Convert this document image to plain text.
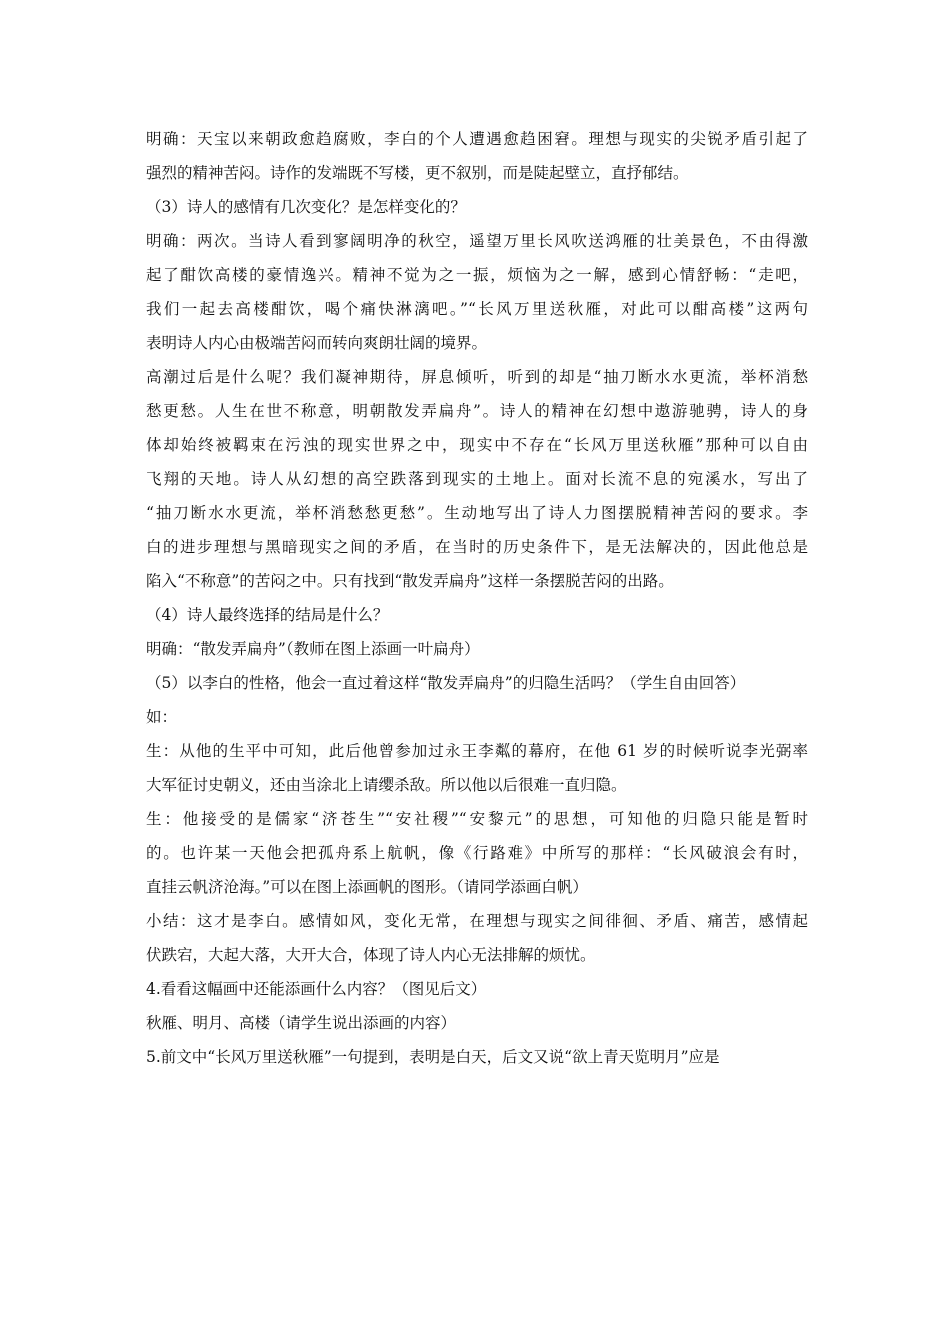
明确：天宝以来朝政愈趋腐败，李白的个人遭遇愈趋困窘。理想与现实的尖锐矛盾引起了
强烈的精神苦闷。诗作的发端既不写楼，更不叙别，而是陡起壁立，直抒郁结。
（3）诗人的感情有几次变化？是怎样变化的？
明确：两次。当诗人看到寥阔明净的秋空，遥望万里长风吹送鸿雁的壮美景色，不由得激
起了酣饮高楼的豪情逸兴。精神不觉为之一振，烦恼为之一解，感到心情舒畅：“走吧，
我们一起去高楼酣饮，喝个痛快淋漓吧。”“长风万里送秋雁，对此可以酣高楼”这两句
表明诗人内心由极端苦闷而转向爽朗壮阔的境界。
高潮过后是什么呢？我们凝神期待，屏息倾听，听到的却是“抽刀断水水更流，举杯消愁
愁更愁。人生在世不称意，明朝散发弄扁舟”。诗人的精神在幻想中遨游驰骋，诗人的身
体却始终被羁束在污浊的现实世界之中，现实中不存在“长风万里送秋雁”那种可以自由
飞翔的天地。诗人从幻想的高空跌落到现实的土地上。面对长流不息的宛溪水，写出了
“抽刀断水水更流，举杯消愁愁更愁”。生动地写出了诗人力图摆脱精神苦闷的要求。李
白的进步理想与黑暗现实之间的矛盾，在当时的历史条件下，是无法解决的，因此他总是
陷入“不称意”的苦闷之中。只有找到“散发弄扁舟”这样一条摆脱苦闷的出路。
（4）诗人最终选择的结局是什么？
明确：“散发弄扁舟”（教师在图上添画一叶扁舟）
（5）以李白的性格，他会一直过着这样“散发弄扁舟”的归隐生活吗？（学生自由回答）
如：
生：从他的生平中可知，此后他曾参加过永王李粼的幕府，在他 61 岁的时候听说李光弼率
大军征讨史朝义，还由当涂北上请缨杀敌。所以他以后很难一直归隐。
生：他接受的是儒家“济苍生”“安社稷”“安黎元”的思想，可知他的归隐只能是暂时
的。也许某一天他会把孤舟系上航帆，像《行路难》中所写的那样：“长风破浪会有时，
直挂云帆济沧海。”可以在图上添画帆的图形。（请同学添画白帆）
小结：这才是李白。感情如风，变化无常，在理想与现实之间徘徊、矛盾、痛苦，感情起
伏跌宕，大起大落，大开大合，体现了诗人内心无法排解的烦忧。
4.看看这幅画中还能添画什么内容？（图见后文）
秋雁、明月、高楼（请学生说出添画的内容）
5.前文中“长风万里送秋雁”一句提到，表明是白天，后文又说“欲上青天览明月”应是
